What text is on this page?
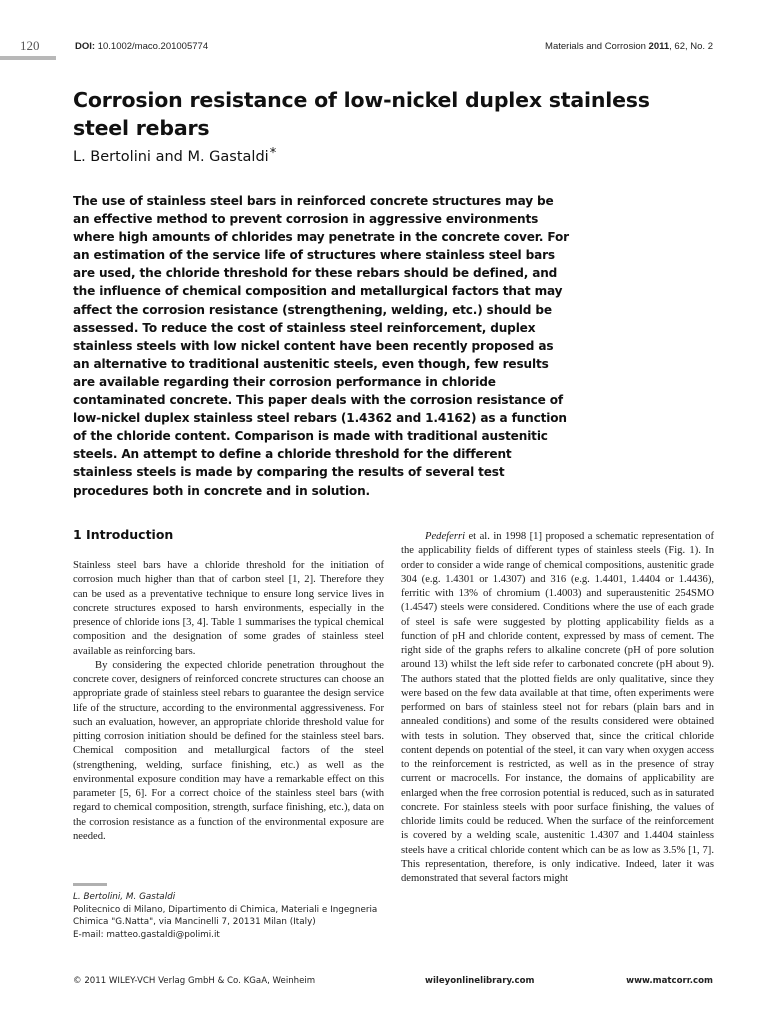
120	DOI: 10.1002/maco.201005774	Materials and Corrosion 2011, 62, No. 2
Corrosion resistance of low-nickel duplex stainless steel rebars
L. Bertolini and M. Gastaldi*

The use of stainless steel bars in reinforced concrete structures may be an effective method to prevent corrosion in aggressive environments where high amounts of chlorides may penetrate in the concrete cover. For an estimation of the service life of structures where stainless steel bars are used, the chloride threshold for these rebars should be defined, and the influence of chemical composition and metallurgical factors that may affect the corrosion resistance (strengthening, welding, etc.) should be assessed. To reduce the cost of stainless steel reinforcement, duplex stainless steels with low nickel content have been recently proposed as an alternative to traditional austenitic steels, even though, few results are available regarding their corrosion performance in chloride contaminated concrete. This paper deals with the corrosion resistance of low-nickel duplex stainless steel rebars (1.4362 and 1.4162) as a function of the chloride content. Comparison is made with traditional austenitic steels. An attempt to define a chloride threshold for the different stainless steels is made by comparing the results of several test procedures both in concrete and in solution.

1 Introduction

Stainless steel bars have a chloride threshold for the initiation of corrosion much higher than that of carbon steel [1, 2]. Therefore they can be used as a preventative technique to ensure long service lives in concrete structures exposed to harsh environments, especially in the presence of chloride ions [3, 4]. Table 1 summarises the typical chemical composition and the designation of some grades of stainless steel available as reinforcing bars.

By considering the expected chloride penetration throughout the concrete cover, designers of reinforced concrete structures can choose an appropriate grade of stainless steel rebars to guarantee the design service life of the structure, according to the environmental aggressiveness. For such an evaluation, however, an appropriate chloride threshold value for pitting corrosion initiation should be defined for the stainless steel bars. Chemical composition and metallurgical factors of the steel (strengthening, welding, surface finishing, etc.) as well as the environmental exposure condition may have a remarkable effect on this parameter [5, 6]. For a correct choice of the stainless steel bars (with regard to chemical composition, strength, surface finishing, etc.), data on the corrosion resistance as a function of the environmental exposure are needed.

Pedeferri et al. in 1998 [1] proposed a schematic representation of the applicability fields of different types of stainless steels (Fig. 1). In order to consider a wide range of chemical compositions, austenitic grade 304 (e.g. 1.4301 or 1.4307) and 316 (e.g. 1.4401, 1.4404 or 1.4436), ferritic with 13% of chromium (1.4003) and superaustenitic 254SMO (1.4547) steels were considered. Conditions where the use of each grade of steel is safe were suggested by plotting applicability fields as a function of pH and chloride content, expressed by mass of cement. The right side of the graphs refers to alkaline concrete (pH of pore solution around 13) whilst the left side refer to carbonated concrete (pH about 9). The authors stated that the plotted fields are only qualitative, since they were based on the few data available at that time, often experiments were performed on bars of stainless steel not for rebars (plain bars and in annealed conditions) and some of the results considered were obtained with tests in solution. They observed that, since the critical chloride content depends on potential of the steel, it can vary when oxygen access to the reinforcement is restricted, as well as in the presence of stray current or macrocells. For instance, the domains of applicability are enlarged when the free corrosion potential is reduced, such as in saturated concrete. For stainless steels with poor surface finishing, the values of chloride limits could be reduced. When the surface of the reinforcement is covered by a welding scale, austenitic 1.4307 and 1.4404 stainless steels have a critical chloride content which can be as low as 3.5% [1, 7]. This representation, therefore, is only indicative. Indeed, later it was demonstrated that several factors might

L. Bertolini, M. Gastaldi
Politecnico di Milano, Dipartimento di Chimica, Materiali e Ingegneria
Chimica "G.Natta", via Mancinelli 7, 20131 Milan (Italy)
E-mail: matteo.gastaldi@polimi.it
© 2011 WILEY-VCH Verlag GmbH & Co. KGaA, Weinheim	wileyonlinelibrary.com	www.matcorr.com
